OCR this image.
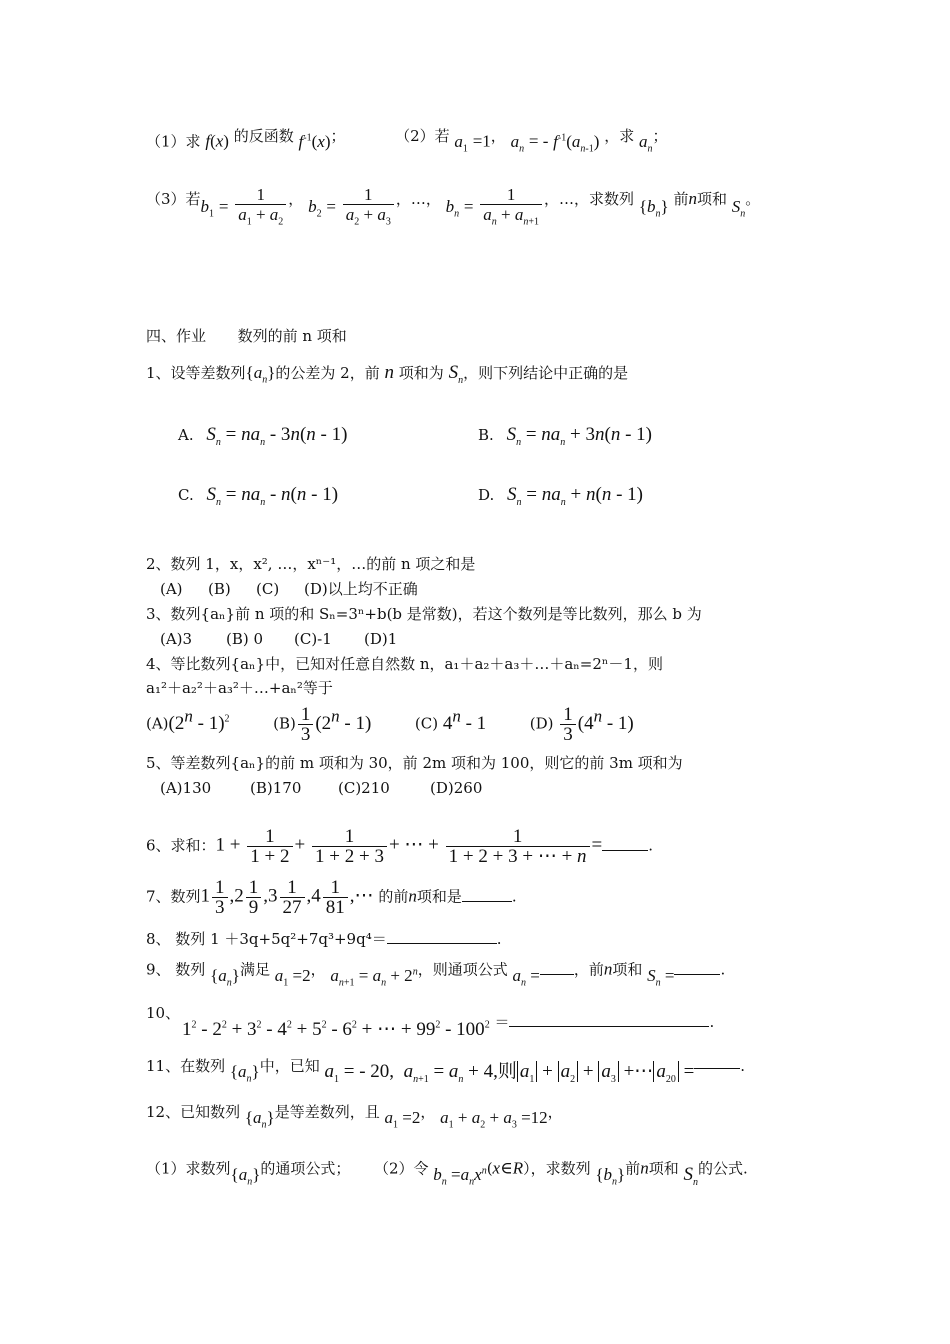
（1）求 f(x) 的反函数 $f^{-1}(x)$；	（2）若 $a_1 =1$， $a_n$ = - $f^{-1}(a_{n-1})$ ，求 $a_n$；
（3）若$b_1 = \frac{1}{a_1 + a_2}$ ， $b_2 = \frac{1}{a_2 + a_3}$ ，…， $b_n = \frac{1}{a_n + a_{n+1}}$ ，…，求数列 $\{b_n\}$ 前n项和 $S_n$。
四、作业 数列的前 n 项和
1、设等差数列$\{a_n\}$的公差为 2，前 n 项和为 $S_n$，则下列结论中正确的是
A. $S_n = na_n - 3n(n - 1)$	B. $S_n = na_n + 3n(n - 1)$
C. $S_n = na_n - n(n - 1)$	D. $S_n = na_n + n(n - 1)$
2、数列 1，x，x², …，xⁿ⁻¹，…的前 n 项之和是
(A) (B) (C) (D)以上均不正确
3、数列{aₙ}前 n 项的和 Sₙ=3ⁿ+b(b 是常数)，若这个数列是等比数列，那么 b 为
(A)3 (B) 0 (C)-1 (D)1
4、等比数列{aₙ}中，已知对任意自然数 n，a₁＋a₂＋a₃＋…＋aₙ=2ⁿ－1，则
a₁²＋a₂²＋a₃²＋…+aₙ²等于
(A)(2$^n$ - 1)$^2$	$(B) \frac{1}{3} (2^n - 1)$	(C) 4$^n$ - 1	$(D) \frac{1}{3} (4^n - 1)$
5、等差数列{aₙ}的前 m 项和为 30，前 2m 项和为 100，则它的前 3m 项和为
(A)130	(B)170 (C)210	(D)260
6、求和：$1 + \frac{1}{1 + 2} + \frac{1}{1 + 2 + 3}$ + ⋯ + $\frac{1}{1 + 2 + 3 + \cdots + n}$ =	.
7、数列$1 \frac{1}{3} ,2 \frac{1}{9} ,3 \frac{1}{27} ,4 \frac{1}{81}$ ,⋯ 的前n项和是	.
8、 数列 1 ＋3q+5q²+7q³+9q⁴＝	.
9、 数列 $\{a_n\}$满足 $a_1 =2$， $a_{n+1} = a_n + 2^n$，则通项公式 $a_n$ = ，前n项和 $S_n$ =	.
10、
$1^2 - 2^2 + 3^2 - 4^2 + 5^2 - 6^2$ + ⋯ + $99^2 - 100^2$ ＝	.
11、在数列 $\{a_n\}$中，已知 $a_1$ = - 20,  $a_{n+1} = a_n + 4$,则 $a_1 + a_2 + a_3$ +⋯ $a_{20}$ =	.
12、已知数列 $\{a_n\}$是等差数列，且 $a_1 =2$， $a_1 + a_2 + a_3 =12$，
（1）求数列$\{a_n\}$的通项公式； （2）令 $b_n$ $=a_nx^n(x\in R)$，求数列 $\{b_n\}$前n项和 $S_n$的公式.
